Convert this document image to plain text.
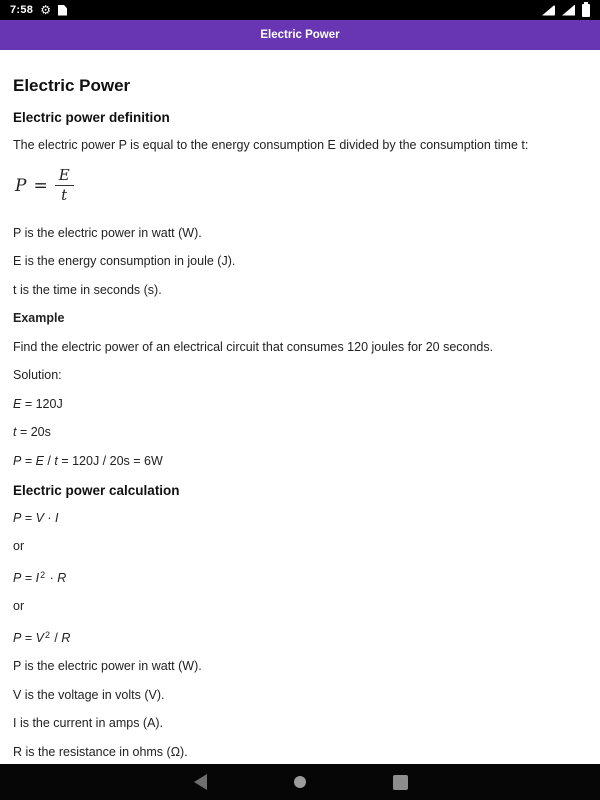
7:58 ⚙
Electric Power
Electric Power
Electric power definition

The electric power P is equal to the energy consumption E divided by the consumption time t:

$P = \frac{E}{t}$

P is the electric power in watt (W).

E is the energy consumption in joule (J).

t is the time in seconds (s).

Example

Find the electric power of an electrical circuit that consumes 120 joules for 20 seconds.

Solution:

E = 120J

t = 20s

P = E / t = 120J / 20s = 6W

Electric power calculation

P = V · I

or

$P = I^2 \cdot R$

or

$P = V^2 / R$

P is the electric power in watt (W).

V is the voltage in volts (V).

I is the current in amps (A).

R is the resistance in ohms (Ω).
